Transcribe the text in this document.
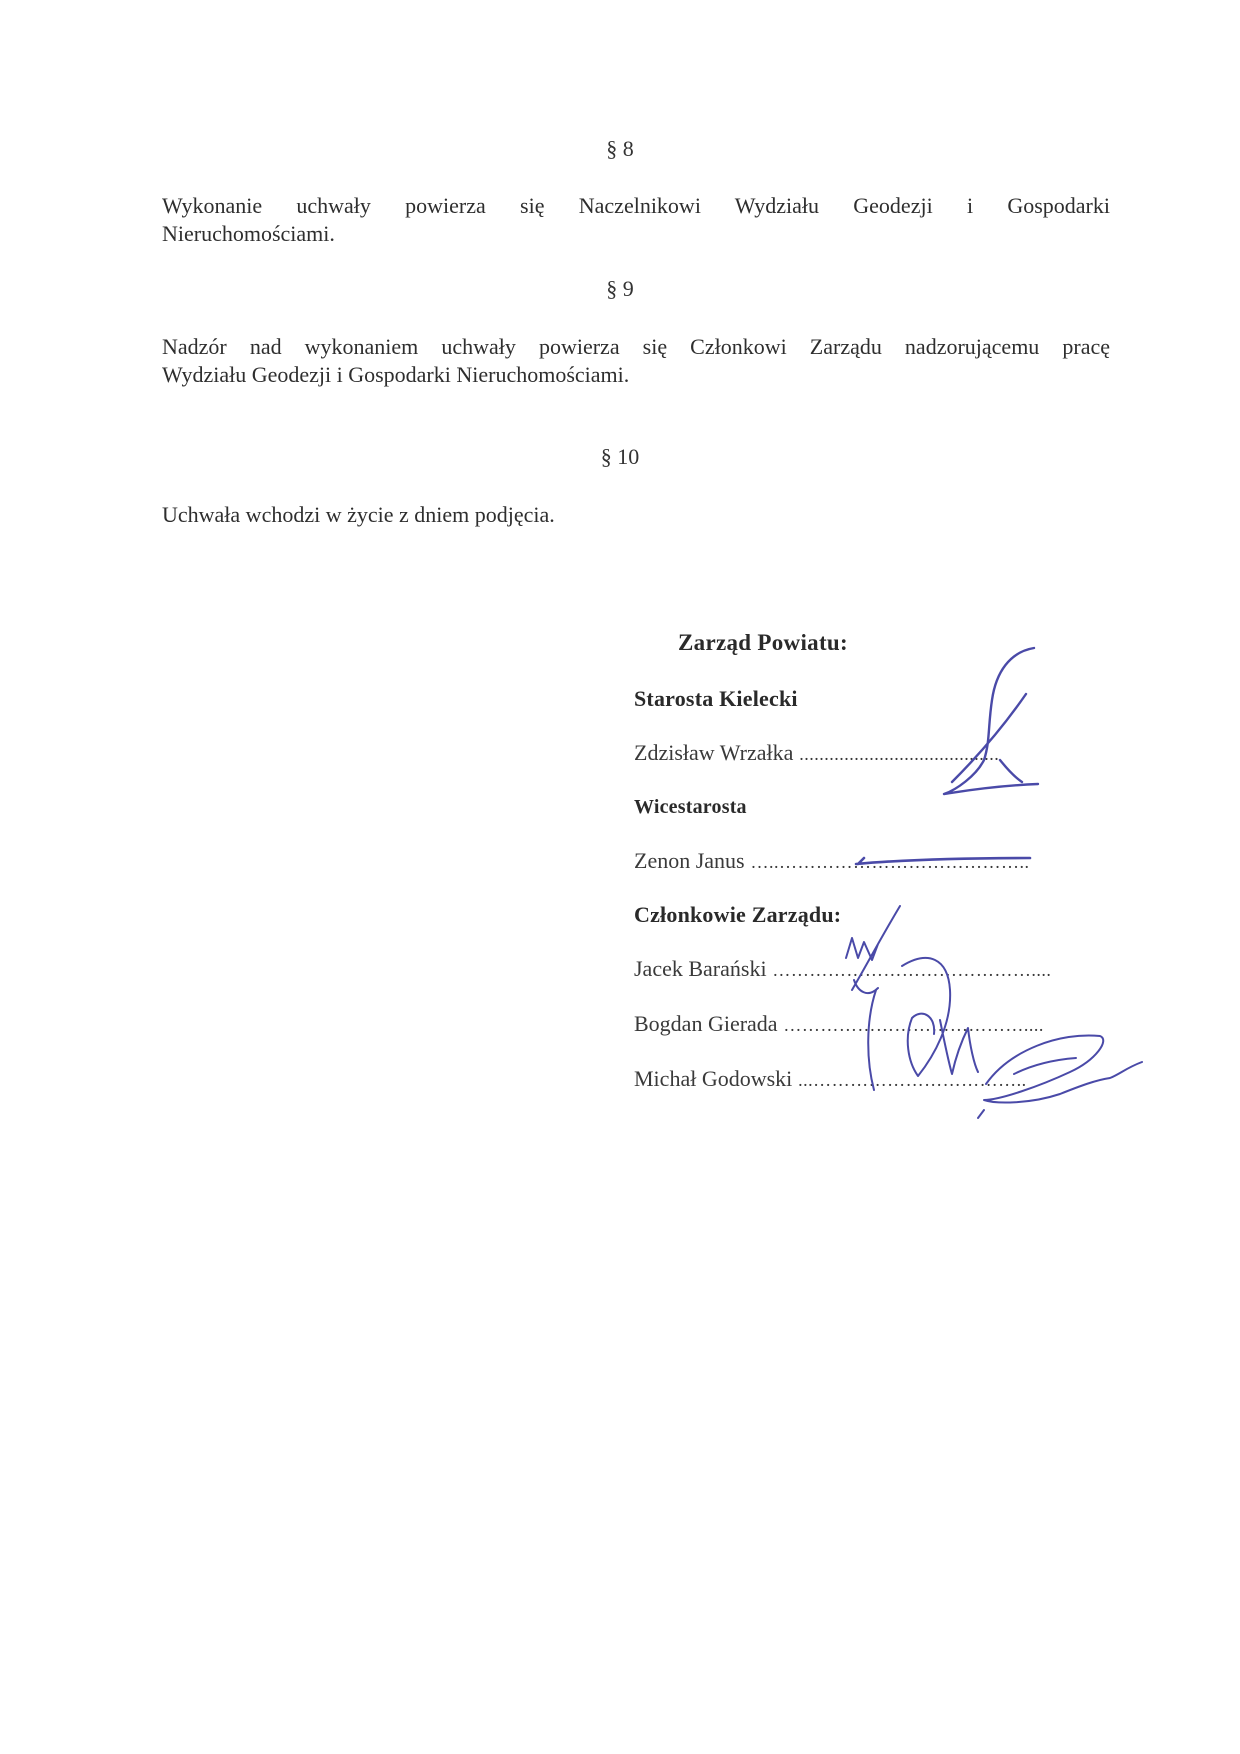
§ 8
Wykonanie uchwały powierza się Naczelnikowi Wydziału Geodezji i Gospodarki
Nieruchomościami.
§ 9
Nadzór nad wykonaniem uchwały powierza się Członkowi Zarządu nadzorującemu pracę
Wydziału Geodezji i Gospodarki Nieruchomościami.
§ 10
Uchwała wchodzi w życie z dniem podjęcia.
Zarząd Powiatu:
Starosta Kielecki
Zdzisław Wrzałka ........................................
Wicestarosta
Zenon Janus …..…………………………………..
Członkowie Zarządu:
Jacek Barański ……………………………………....
Bogdan Gierada …………………………………....
Michał Godowski ...……………………………..
